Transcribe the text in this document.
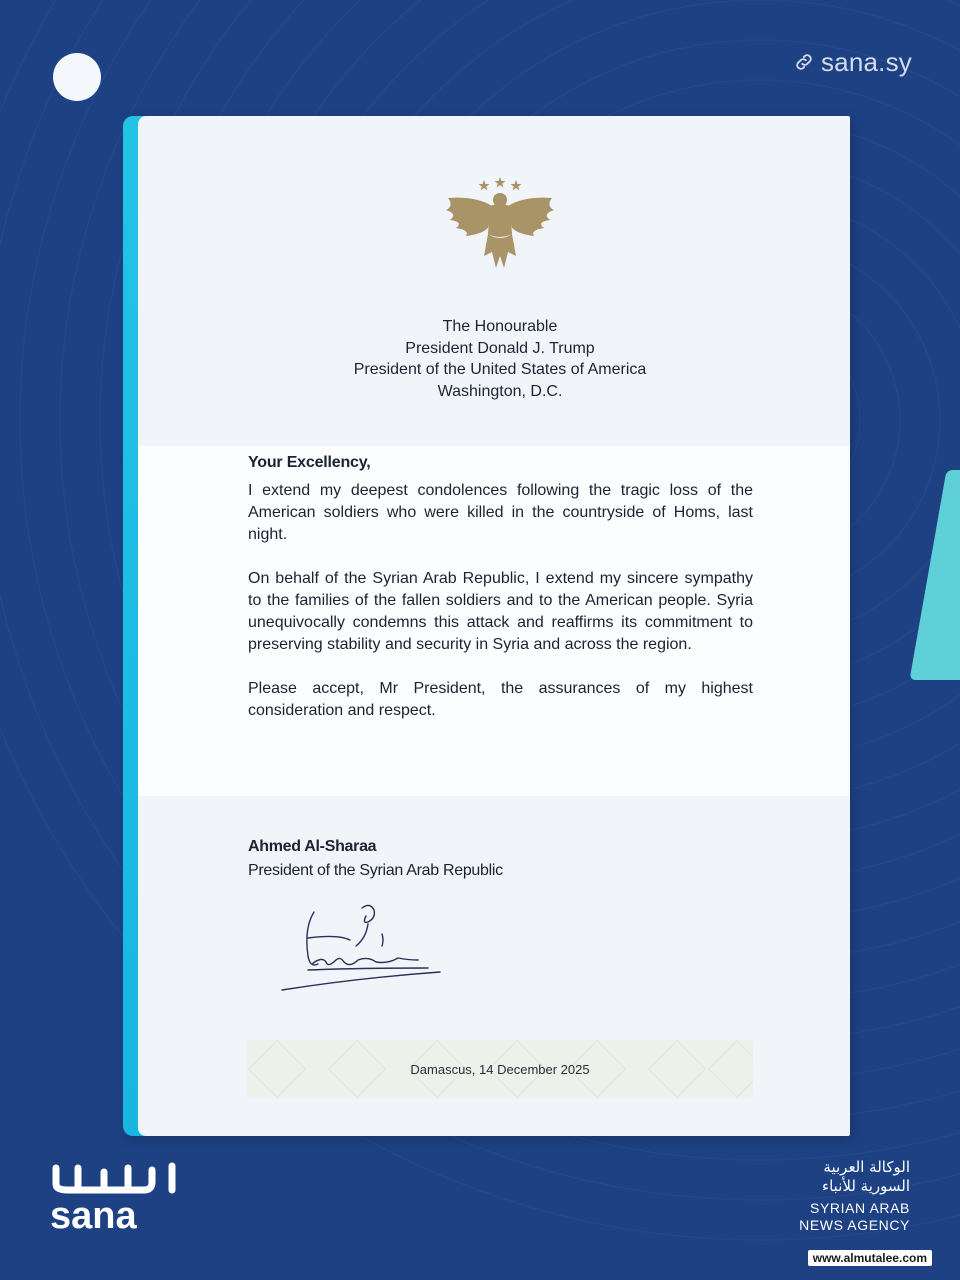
sana.sy
The Honourable
President Donald J. Trump
President of the United States of America
Washington, D.C.
Your Excellency,

I extend my deepest condolences following the tragic loss of the American soldiers who were killed in the countryside of Homs, last night.

On behalf of the Syrian Arab Republic, I extend my sincere sympathy to the families of the fallen soldiers and to the American people. Syria unequivocally condemns this attack and reaffirms its commitment to preserving stability and security in Syria and across the region.

Please accept, Mr President, the assurances of my highest consideration and respect.

Ahmed Al-Sharaa
President of the Syrian Arab Republic
Damascus, 14 December 2025
sana
الوكالة العربية
السورية للأنباء
SYRIAN ARAB
NEWS AGENCY
www.almutalee.com
